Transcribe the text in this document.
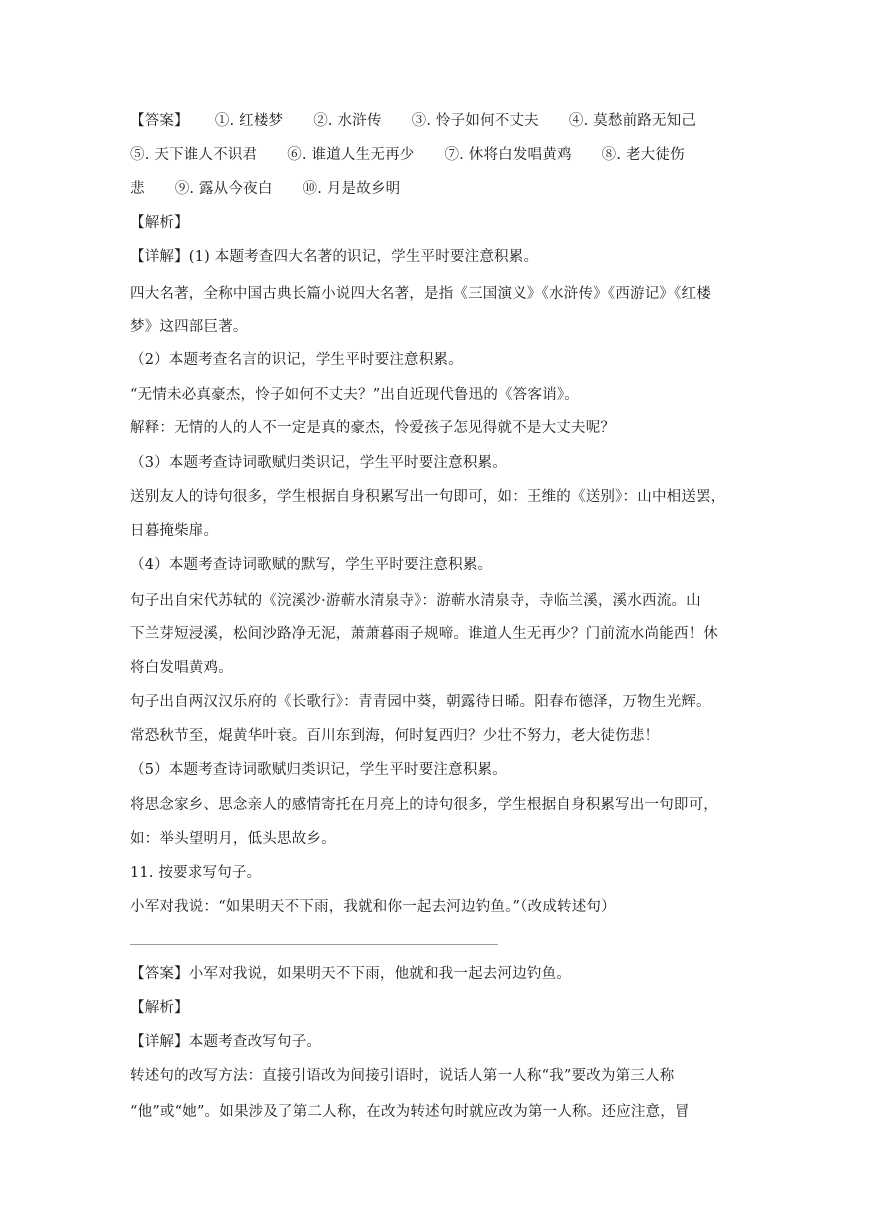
【答案】 ①. 红楼梦 ②. 水浒传 ③. 怜子如何不丈夫 ④. 莫愁前路无知己
⑤. 天下谁人不识君 ⑥. 谁道人生无再少 ⑦. 休将白发唱黄鸡 ⑧. 老大徒伤
悲 ⑨. 露从今夜白 ⑩. 月是故乡明
【解析】
【详解】(1) 本题考查四大名著的识记，学生平时要注意积累。
四大名著，全称中国古典长篇小说四大名著，是指《三国演义》《水浒传》《西游记》《红楼
梦》这四部巨著。
（2）本题考查名言的识记，学生平时要注意积累。
“无情未必真豪杰，怜子如何不丈夫？”出自近现代鲁迅的《答客诮》。
解释：无情的人的人不一定是真的豪杰，怜爱孩子怎见得就不是大丈夫呢？
（3）本题考查诗词歌赋归类识记，学生平时要注意积累。
送别友人的诗句很多，学生根据自身积累写出一句即可，如：王维的《送别》：山中相送罢，
日暮掩柴扉。
（4）本题考查诗词歌赋的默写，学生平时要注意积累。
句子出自宋代苏轼的《浣溪沙·游蕲水清泉寺》：游蕲水清泉寺，寺临兰溪，溪水西流。山
下兰芽短浸溪，松间沙路净无泥，萧萧暮雨子规啼。谁道人生无再少？门前流水尚能西！休
将白发唱黄鸡。
句子出自两汉汉乐府的《长歌行》：青青园中葵，朝露待日晞。阳春布德泽，万物生光辉。
常恐秋节至，焜黄华叶衰。百川东到海，何时复西归？少壮不努力，老大徒伤悲！
（5）本题考查诗词歌赋归类识记，学生平时要注意积累。
将思念家乡、思念亲人的感情寄托在月亮上的诗句很多，学生根据自身积累写出一句即可，
如：举头望明月，低头思故乡。
11. 按要求写句子。
小军对我说：“如果明天不下雨，我就和你一起去河边钓鱼。”（改成转述句）
【答案】小军对我说，如果明天不下雨，他就和我一起去河边钓鱼。
【解析】
【详解】本题考查改写句子。
转述句的改写方法：直接引语改为间接引语时，说话人第一人称“我”要改为第三人称
“他”或“她”。如果涉及了第二人称，在改为转述句时就应改为第一人称。还应注意，冒
